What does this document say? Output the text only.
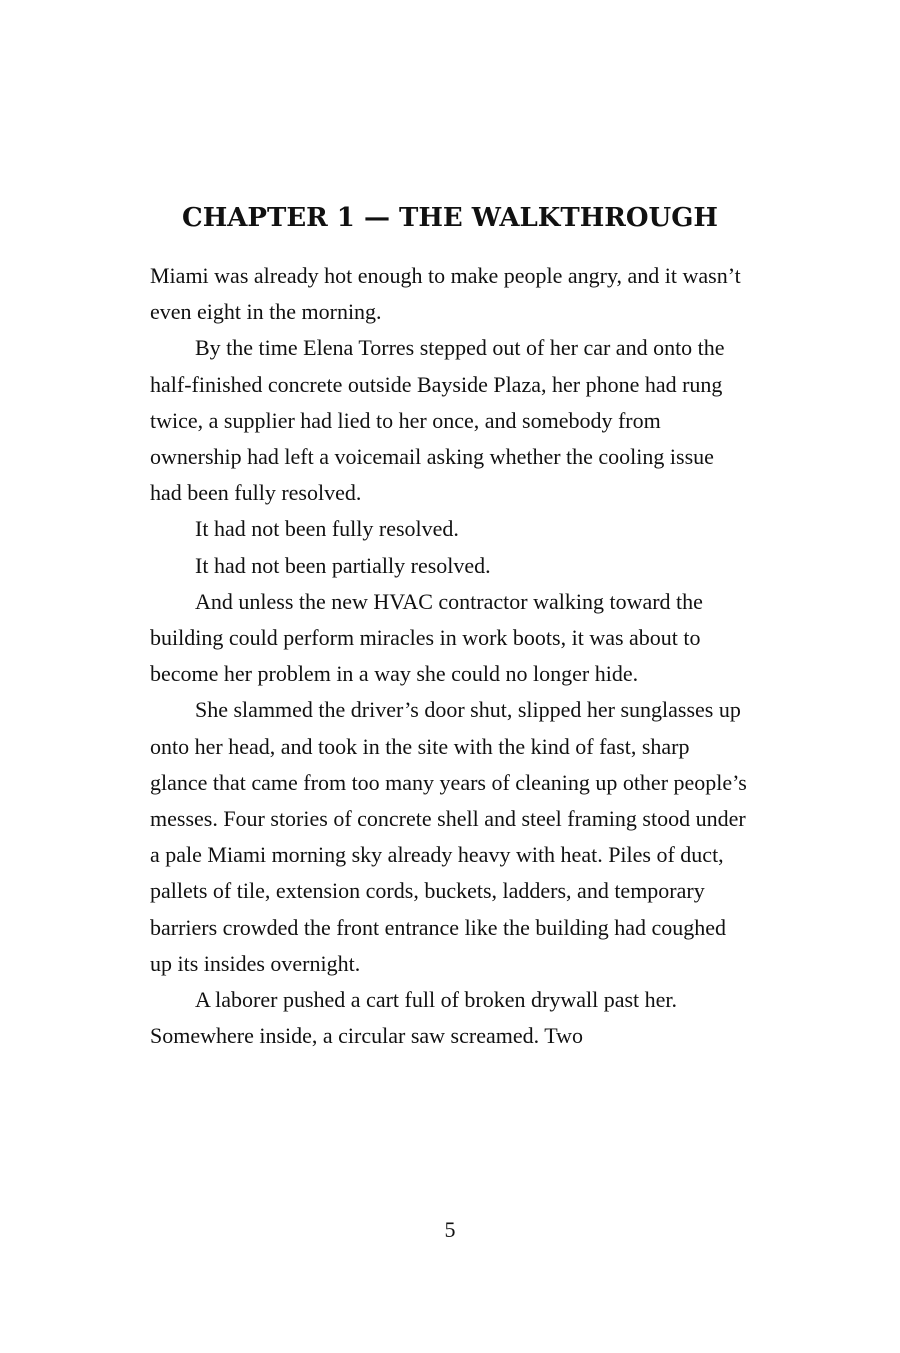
CHAPTER 1 — THE WALKTHROUGH

Miami was already hot enough to make people angry, and it wasn’t even eight in the morning.

By the time Elena Torres stepped out of her car and onto the half-finished concrete outside Bayside Plaza, her phone had rung twice, a supplier had lied to her once, and somebody from ownership had left a voicemail asking whether the cooling issue had been fully resolved.

It had not been fully resolved.

It had not been partially resolved.

And unless the new HVAC contractor walking toward the building could perform miracles in work boots, it was about to become her problem in a way she could no longer hide.

She slammed the driver’s door shut, slipped her sunglasses up onto her head, and took in the site with the kind of fast, sharp glance that came from too many years of cleaning up other people’s messes. Four stories of concrete shell and steel framing stood under a pale Miami morning sky already heavy with heat. Piles of duct, pallets of tile, extension cords, buckets, ladders, and temporary barriers crowded the front entrance like the building had coughed up its insides overnight.

A laborer pushed a cart full of broken drywall past her. Somewhere inside, a circular saw screamed. Two

5
